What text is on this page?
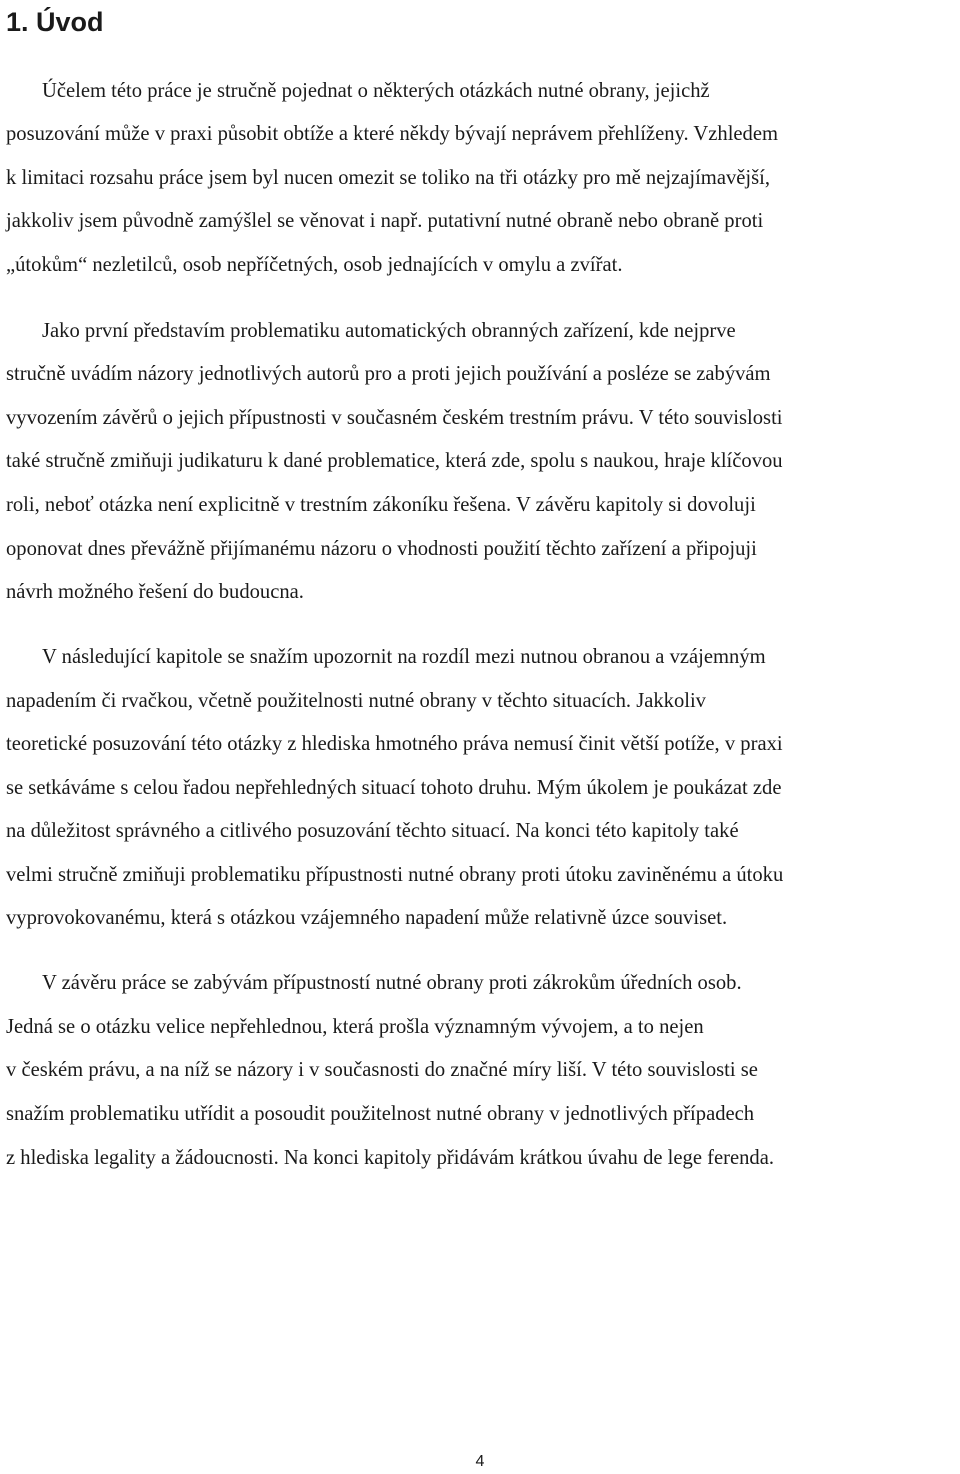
1. Úvod

Účelem této práce je stručně pojednat o některých otázkách nutné obrany, jejichž

posuzování může v praxi působit obtíže a které někdy bývají neprávem přehlíženy. Vzhledem

k limitaci rozsahu práce jsem byl nucen omezit se toliko na tři otázky pro mě nejzajímavější,

jakkoliv jsem původně zamýšlel se věnovat i např. putativní nutné obraně nebo obraně proti

„útokům“ nezletilců, osob nepříčetných, osob jednajících v omylu a zvířat.

Jako první představím problematiku automatických obranných zařízení, kde nejprve

stručně uvádím názory jednotlivých autorů pro a proti jejich používání a posléze se zabývám

vyvozením závěrů o jejich přípustnosti v současném českém trestním právu. V této souvislosti

také stručně zmiňuji judikaturu k dané problematice, která zde, spolu s naukou, hraje klíčovou

roli, neboť otázka není explicitně v trestním zákoníku řešena. V závěru kapitoly si dovoluji

oponovat dnes převážně přijímanému názoru o vhodnosti použití těchto zařízení a připojuji

návrh možného řešení do budoucna.

V následující kapitole se snažím upozornit na rozdíl mezi nutnou obranou a vzájemným

napadením či rvačkou, včetně použitelnosti nutné obrany v těchto situacích. Jakkoliv

teoretické posuzování této otázky z hlediska hmotného práva nemusí činit větší potíže, v praxi

se setkáváme s celou řadou nepřehledných situací tohoto druhu. Mým úkolem je poukázat zde

na důležitost správného a citlivého posuzování těchto situací. Na konci této kapitoly také

velmi stručně zmiňuji problematiku přípustnosti nutné obrany proti útoku zaviněnému a útoku

vyprovokovanému, která s otázkou vzájemného napadení může relativně úzce souviset.

V závěru práce se zabývám přípustností nutné obrany proti zákrokům úředních osob.

Jedná se o otázku velice nepřehlednou, která prošla významným vývojem, a to nejen

v českém právu, a na níž se názory i v současnosti do značné míry liší. V této souvislosti se

snažím problematiku utřídit a posoudit použitelnost nutné obrany v jednotlivých případech

z hlediska legality a žádoucnosti. Na konci kapitoly přidávám krátkou úvahu de lege ferenda.

4
